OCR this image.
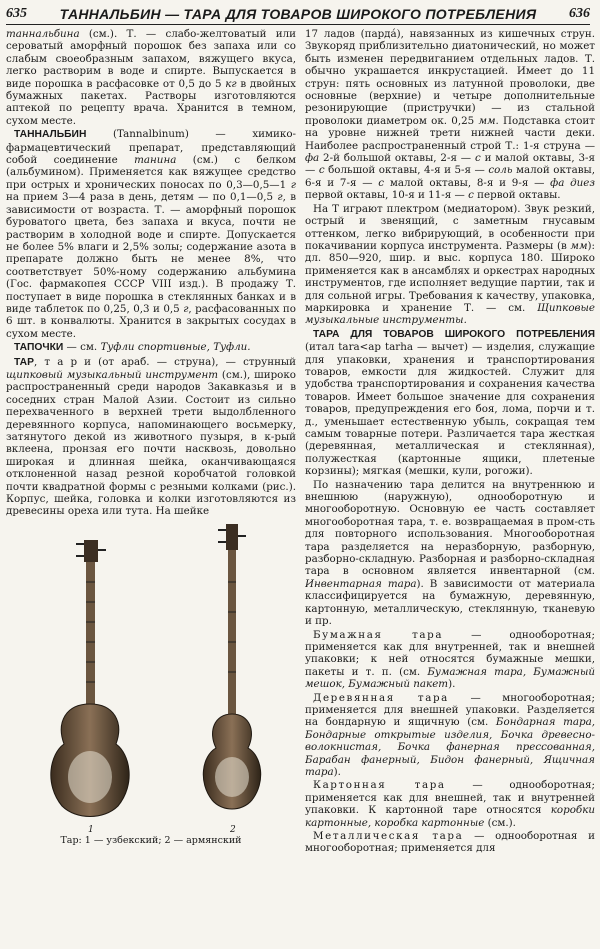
635 ТАННАЛЬБИН — ТАРА ДЛЯ ТОВАРОВ ШИРОКОГО ПОТРЕБЛЕНИЯ 636

таннальбина (см.). Т. — слабо-желтоватый или сероватый аморфный порошок без запаха или со слабым своеобразным запахом, вяжущего вкуса, легко растворим в воде и спирте. Выпускается в виде порошка в расфасовке от 0,5 до 5 кг в двойных бумажных пакетах. Растворы изготовляются аптекой по рецепту врача. Хранится в темном, сухом месте.

ТАННАЛЬБИН (Tannalbinum) — химико-фармацевтический препарат, представляющий собой соединение танина (см.) с белком (альбумином). Применяется как вяжущее средство при острых и хронических поносах по 0,3—0,5—1 г на прием 3—4 раза в день, детям — по 0,1—0,5 г, в зависимости от возраста. Т. — аморфный порошок буроватого цвета, без запаха и вкуса, почти не растворим в холодной воде и спирте. Допускается не более 5% влаги и 2,5% золы; содержание азота в препарате должно быть не менее 8%, что соответствует 50%-ному содержанию альбумина (Гос. фармакопея СССР VIII изд.). В продажу Т. поступает в виде порошка в стеклянных банках и в виде таблеток по 0,25, 0,3 и 0,5 г, расфасованных по 6 шт. в конвалюты. Хранится в закрытых сосудах в сухом месте.

ТАПОЧКИ — см. Туфли спортивные, Туфли.

ТАР, т а р и (от араб. — струна), — струнный щипковый музыкальный инструмент (см.), широко распространенный среди народов Закавказья и в соседних стран Малой Азии. Состоит из сильно перехваченного в верхней трети выдолбленного деревянного корпуса, напоминающего восьмерку, затянутого декой из животного пузыря, в к-рый вклеена, пронзая его почти насквозь, довольно широкая и длинная шейка, оканчивающаяся отклоненной назад резной коробчатой головкой почти квадратной формы с резными колками (рис.). Корпус, шейка, головка и колки изготовляются из древесины ореха или тута. На шейке

1	2
Тар: 1 — узбекский; 2 — армянский

17 ладов (пардá), навязанных из кишечных струн. Звукоряд приблизительно диатонический, но может быть изменен передвиганием отдельных ладов. Т. обычно украшается инкрустацией. Имеет до 11 струн: пять основных из латунной проволоки, две основные (верхние) и четыре дополнительные резонирующие (пристручки) — из стальной проволоки диаметром ок. 0,25 мм. Подставка стоит на уровне нижней трети нижней части деки. Наиболее распространенный строй Т.: 1-я струна — фа 2-й большой октавы, 2-я — с и малой октавы, 3-я — с большой октавы, 4-я и 5-я — соль малой октавы, 6-я и 7-я — с малой октавы, 8-я и 9-я — фа диез первой октавы, 10-я и 11-я — с первой октавы.

На Т играют плектром (медиатором). Звук резкий, острый и звенящий, с заметным гнусавым оттенком, легко вибрирующий, в особенности при покачивании корпуса инструмента. Размеры (в мм): дл. 850—920, шир. и выс. корпуса 180. Широко применяется как в ансамблях и оркестрах народных инструментов, где исполняет ведущие партии, так и для сольной игры. Требования к качеству, упаковка, маркировка и хранение Т. — см. Щипковые музыкальные инструменты.

ТАРА ДЛЯ ТОВАРОВ ШИРОКОГО ПОТРЕБЛЕНИЯ (итал tara<ар tarha — вычет) — изделия, служащие для упаковки, хранения и транспортирования товаров, емкости для жидкостей. Служит для удобства транспортирования и сохранения качества товаров. Имеет большое значение для сохранения товаров, предупреждения его боя, лома, порчи и т. д., уменьшает естественную убыль, сокращая тем самым товарные потери. Различается тара жесткая (деревянная, металлическая и стеклянная), полужесткая (картонные ящики, плетеные корзины); мягкая (мешки, кули, рогожи).

По назначению тара делится на внутреннюю и внешнюю (наружную), однооборотную и многооборотную. Основную ее часть составляет многооборотная тара, т. е. возвращаемая в пром-сть для повторного использования. Многооборотная тара разделяется на неразборную, разборную, разборно-складную. Разборная и разборно-складная тара в основном является инвентарной (см. Инвентарная тара). В зависимости от материала классифицируется на бумажную, деревянную, картонную, металлическую, стеклянную, тканевую и пр.

Бумажная тара — однооборотная; применяется как для внутренней, так и внешней упаковки; к ней относятся бумажные мешки, пакеты и т. п. (см. Бумажная тара, Бумажный мешок, Бумажный пакет).

Деревянная тара — многооборотная; применяется для внешней упаковки. Разделяется на бондарную и ящичную (см. Бондарная тара, Бондарные открытые изделия, Бочка древесно-волокнистая, Бочка фанерная прессованная, Барабан фанерный, Бидон фанерный, Ящичная тара).

Картонная тара — однооборотная; применяется как для внешней, так и внутренней упаковки. К картонной таре относятся коробки картонные, коробка картонные (см.).

Металлическая тара — однооборотная и многооборотная; применяется для
